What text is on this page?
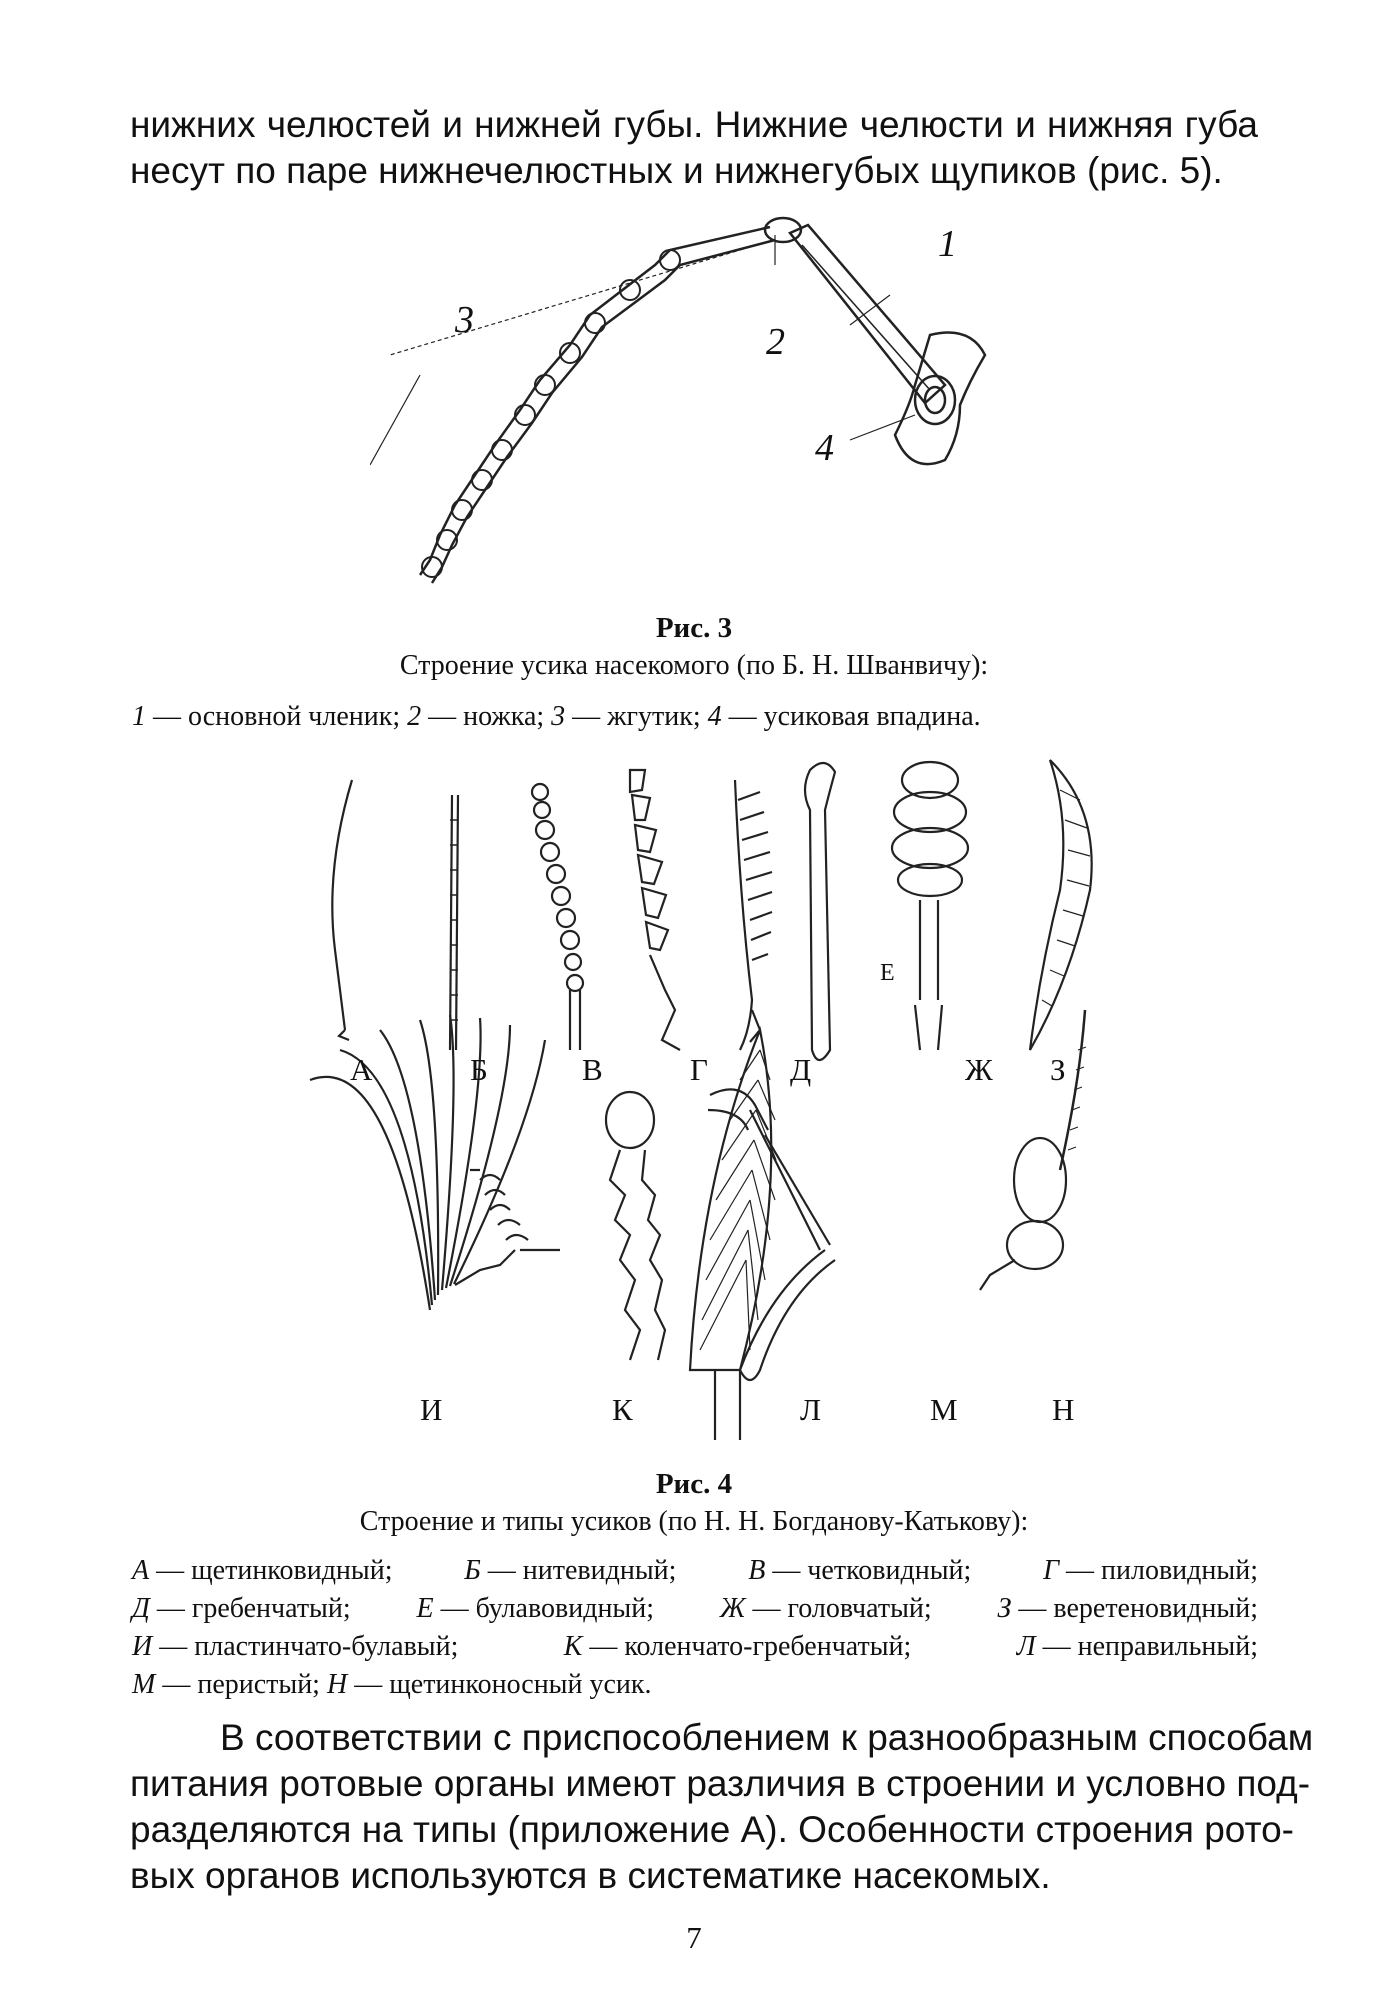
нижних челюстей и нижней губы. Нижние челюсти и нижняя губа
несут по паре нижнечелюстных и нижнегубых щупиков (рис. 5).
1
2
3
4
Рис. 3
Строение усика насекомого (по Б. Н. Шванвичу):
1 — основной членик; 2 — ножка; 3 — жгутик; 4 — усиковая впадина.
А	Б	В	Г	Д
Е
Ж З
И	К	Л	М	Н
Рис. 4
Строение и типы усиков (по Н. Н. Богданову-Катькову):
А — щетинковидный;	Б — нитевидный;	В — четковидный;	Г — пиловидный;
Д — гребенчатый; Е — булавовидный; Ж — головчатый; З — веретеновидный;
И — пластинчато-булавый;	К — коленчато-гребенчатый;	Л — неправильный;
М — перистый; Н — щетинконосный усик.
В соответствии с приспособлением к разнообразным способам
питания ротовые органы имеют различия в строении и условно под-
разделяются на типы (приложение А). Особенности строения рото-
вых органов используются в систематике насекомых.
7
